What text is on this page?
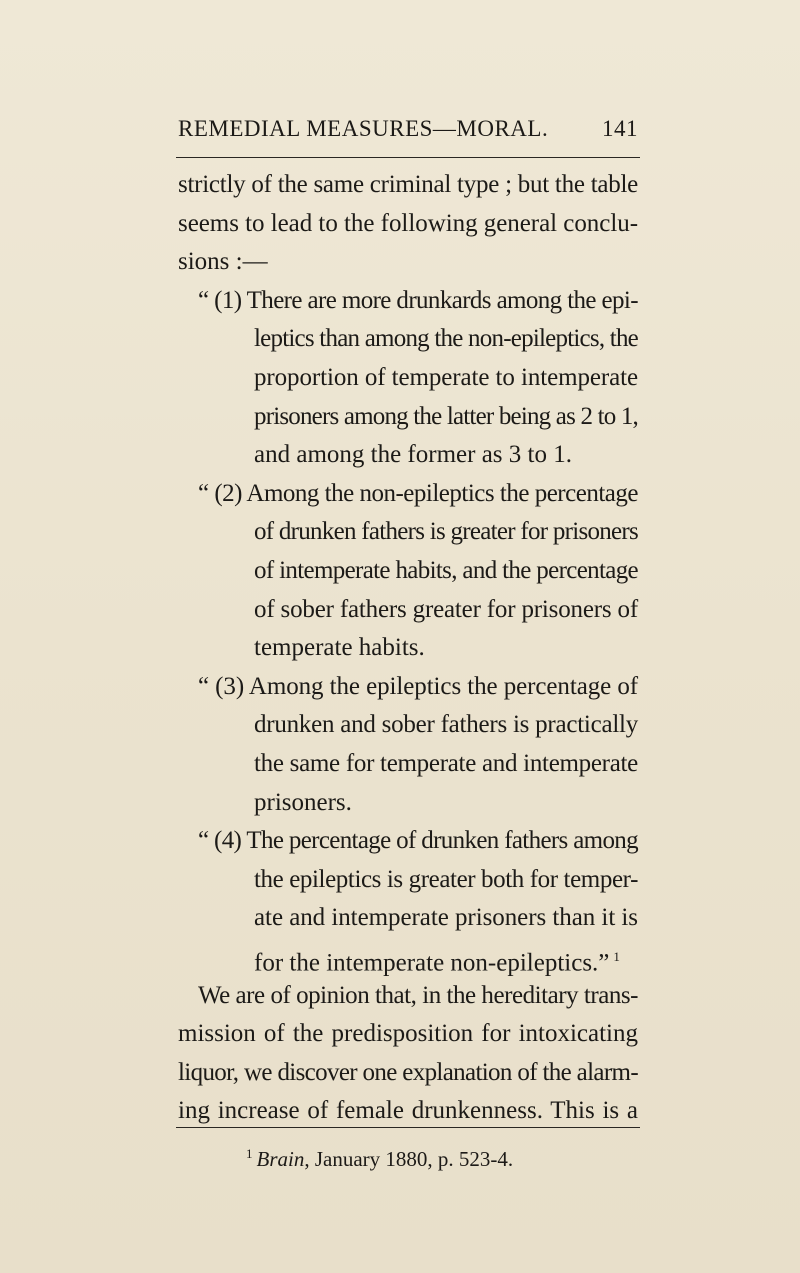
REMEDIAL MEASURES—MORAL. 141
strictly of the same criminal type ; but the table
seems to lead to the following general conclu-
sions :—
“ (1) There are more drunkards among the epi-
leptics than among the non-epileptics, the
proportion of temperate to intemperate
prisoners among the latter being as 2 to 1,
and among the former as 3 to 1.
“ (2) Among the non-epileptics the percentage
of drunken fathers is greater for prisoners
of intemperate habits, and the percentage
of sober fathers greater for prisoners of
temperate habits.
“ (3) Among the epileptics the percentage of
drunken and sober fathers is practically
the same for temperate and intemperate
prisoners.
“ (4) The percentage of drunken fathers among
the epileptics is greater both for temper-
ate and intemperate prisoners than it is
for the intemperate non-epileptics.” $^1$
We are of opinion that, in the hereditary trans-
mission of the predisposition for intoxicating
liquor, we discover one explanation of the alarm-
ing increase of female drunkenness. This is a
$^1$ Brain, January 1880, p. 523-4.
